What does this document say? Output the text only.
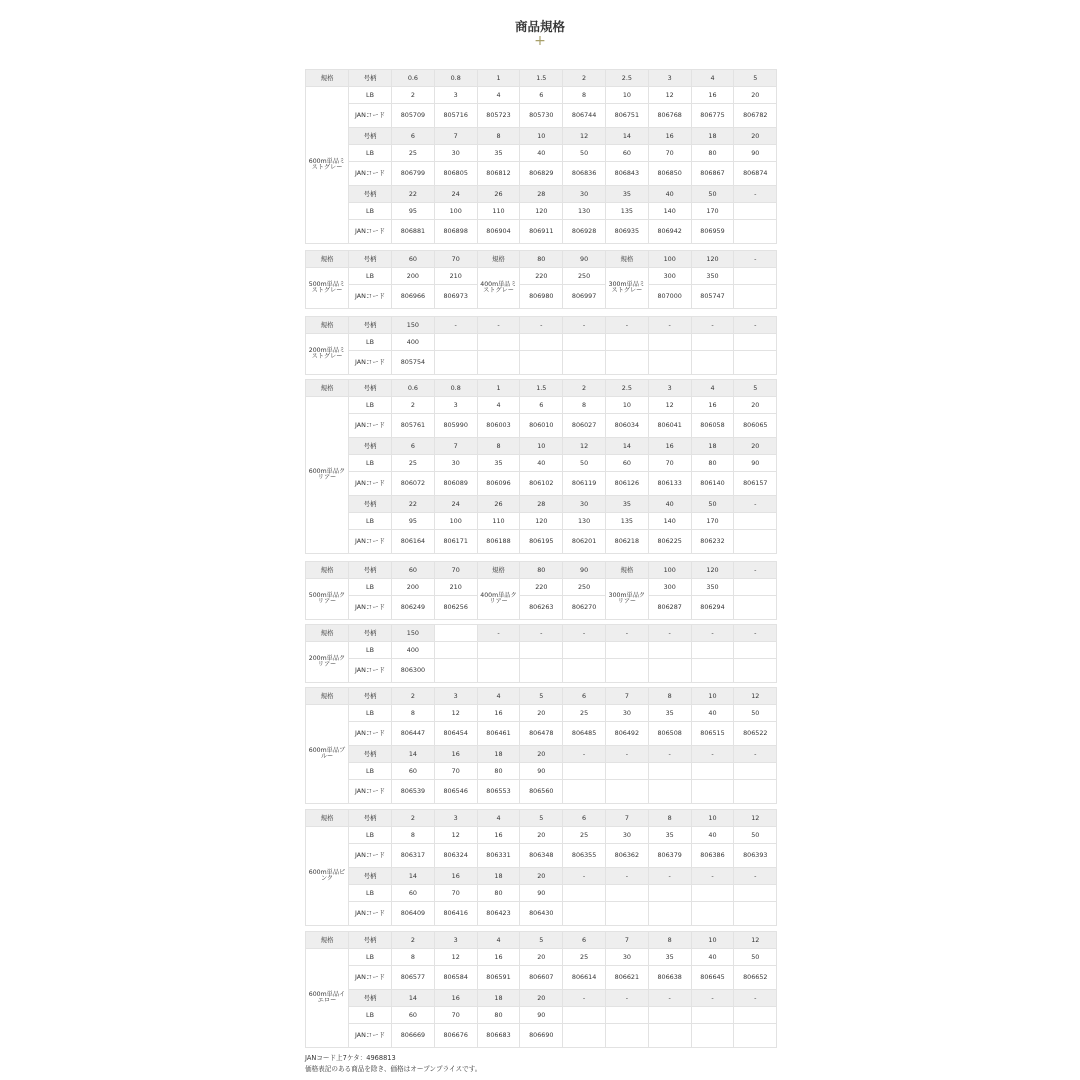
商品規格
+
規格	号柄	0.6	0.8	1	1.5	2	2.5	3	4	5
600m単品ミストグレー	LB	2	3	4	6	8	10	12	16	20
	JANコード	805709	805716	805723	805730	806744	806751	806768	806775	806782
	号柄	6	7	8	10	12	14	16	18	20
	LB	25	30	35	40	50	60	70	80	90
	JANコード	806799	806805	806812	806829	806836	806843	806850	806867	806874
	号柄	22	24	26	28	30	35	40	50	-
	LB	95	100	110	120	130	135	140	170	
	JANコード	806881	806898	806904	806911	806928	806935	806942	806959	
規格	号柄	150	-	-	-	-	-	-	-	-
200m単品ミストグレー	LB	400								
	JANコード	805754								
規格	号柄	0.6	0.8	1	1.5	2	2.5	3	4	5
600m単品クリアー	LB	2	3	4	6	8	10	12	16	20
	JANコード	805761	805990	806003	806010	806027	806034	806041	806058	806065
	号柄	6	7	8	10	12	14	16	18	20
	LB	25	30	35	40	50	60	70	80	90
	JANコード	806072	806089	806096	806102	806119	806126	806133	806140	806157
	号柄	22	24	26	28	30	35	40	50	-
	LB	95	100	110	120	130	135	140	170	
	JANコード	806164	806171	806188	806195	806201	806218	806225	806232	
規格	号柄	150		-	-	-	-	-	-	-
200m単品クリアー	LB	400								
	JANコード	806300								
規格	号柄	2	3	4	5	6	7	8	10	12
600m単品ブルー	LB	8	12	16	20	25	30	35	40	50
	JANコード	806447	806454	806461	806478	806485	806492	806508	806515	806522
	号柄	14	16	18	20	-	-	-	-	-
	LB	60	70	80	90					
	JANコード	806539	806546	806553	806560					
規格	号柄	2	3	4	5	6	7	8	10	12
600m単品ピンク	LB	8	12	16	20	25	30	35	40	50
	JANコード	806317	806324	806331	806348	806355	806362	806379	806386	806393
	号柄	14	16	18	20	-	-	-	-	-
	LB	60	70	80	90					
	JANコード	806409	806416	806423	806430					
規格	号柄	2	3	4	5	6	7	8	10	12
600m単品イエロー	LB	8	12	16	20	25	30	35	40	50
	JANコード	806577	806584	806591	806607	806614	806621	806638	806645	806652
	号柄	14	16	18	20	-	-	-	-	-
	LB	60	70	80	90					
	JANコード	806669	806676	806683	806690					
規格	号柄	60	70	規格	80	90	規格	100	120	-
500m単品ミストグレー	LB	200	210	400m単品ミストグレー	220	250	300m単品ミストグレー	300	350	
	JANコード	806966	806973		806980	806997		807000	805747	
規格	号柄	60	70	規格	80	90	規格	100	120	-
500m単品クリアー	LB	200	210	400m単品クリアー	220	250	300m単品クリアー	300	350	
	JANコード	806249	806256		806263	806270		806287	806294	
JANコード上7ケタ：4968813
価格表記のある商品を除き、価格はオープンプライスです。
